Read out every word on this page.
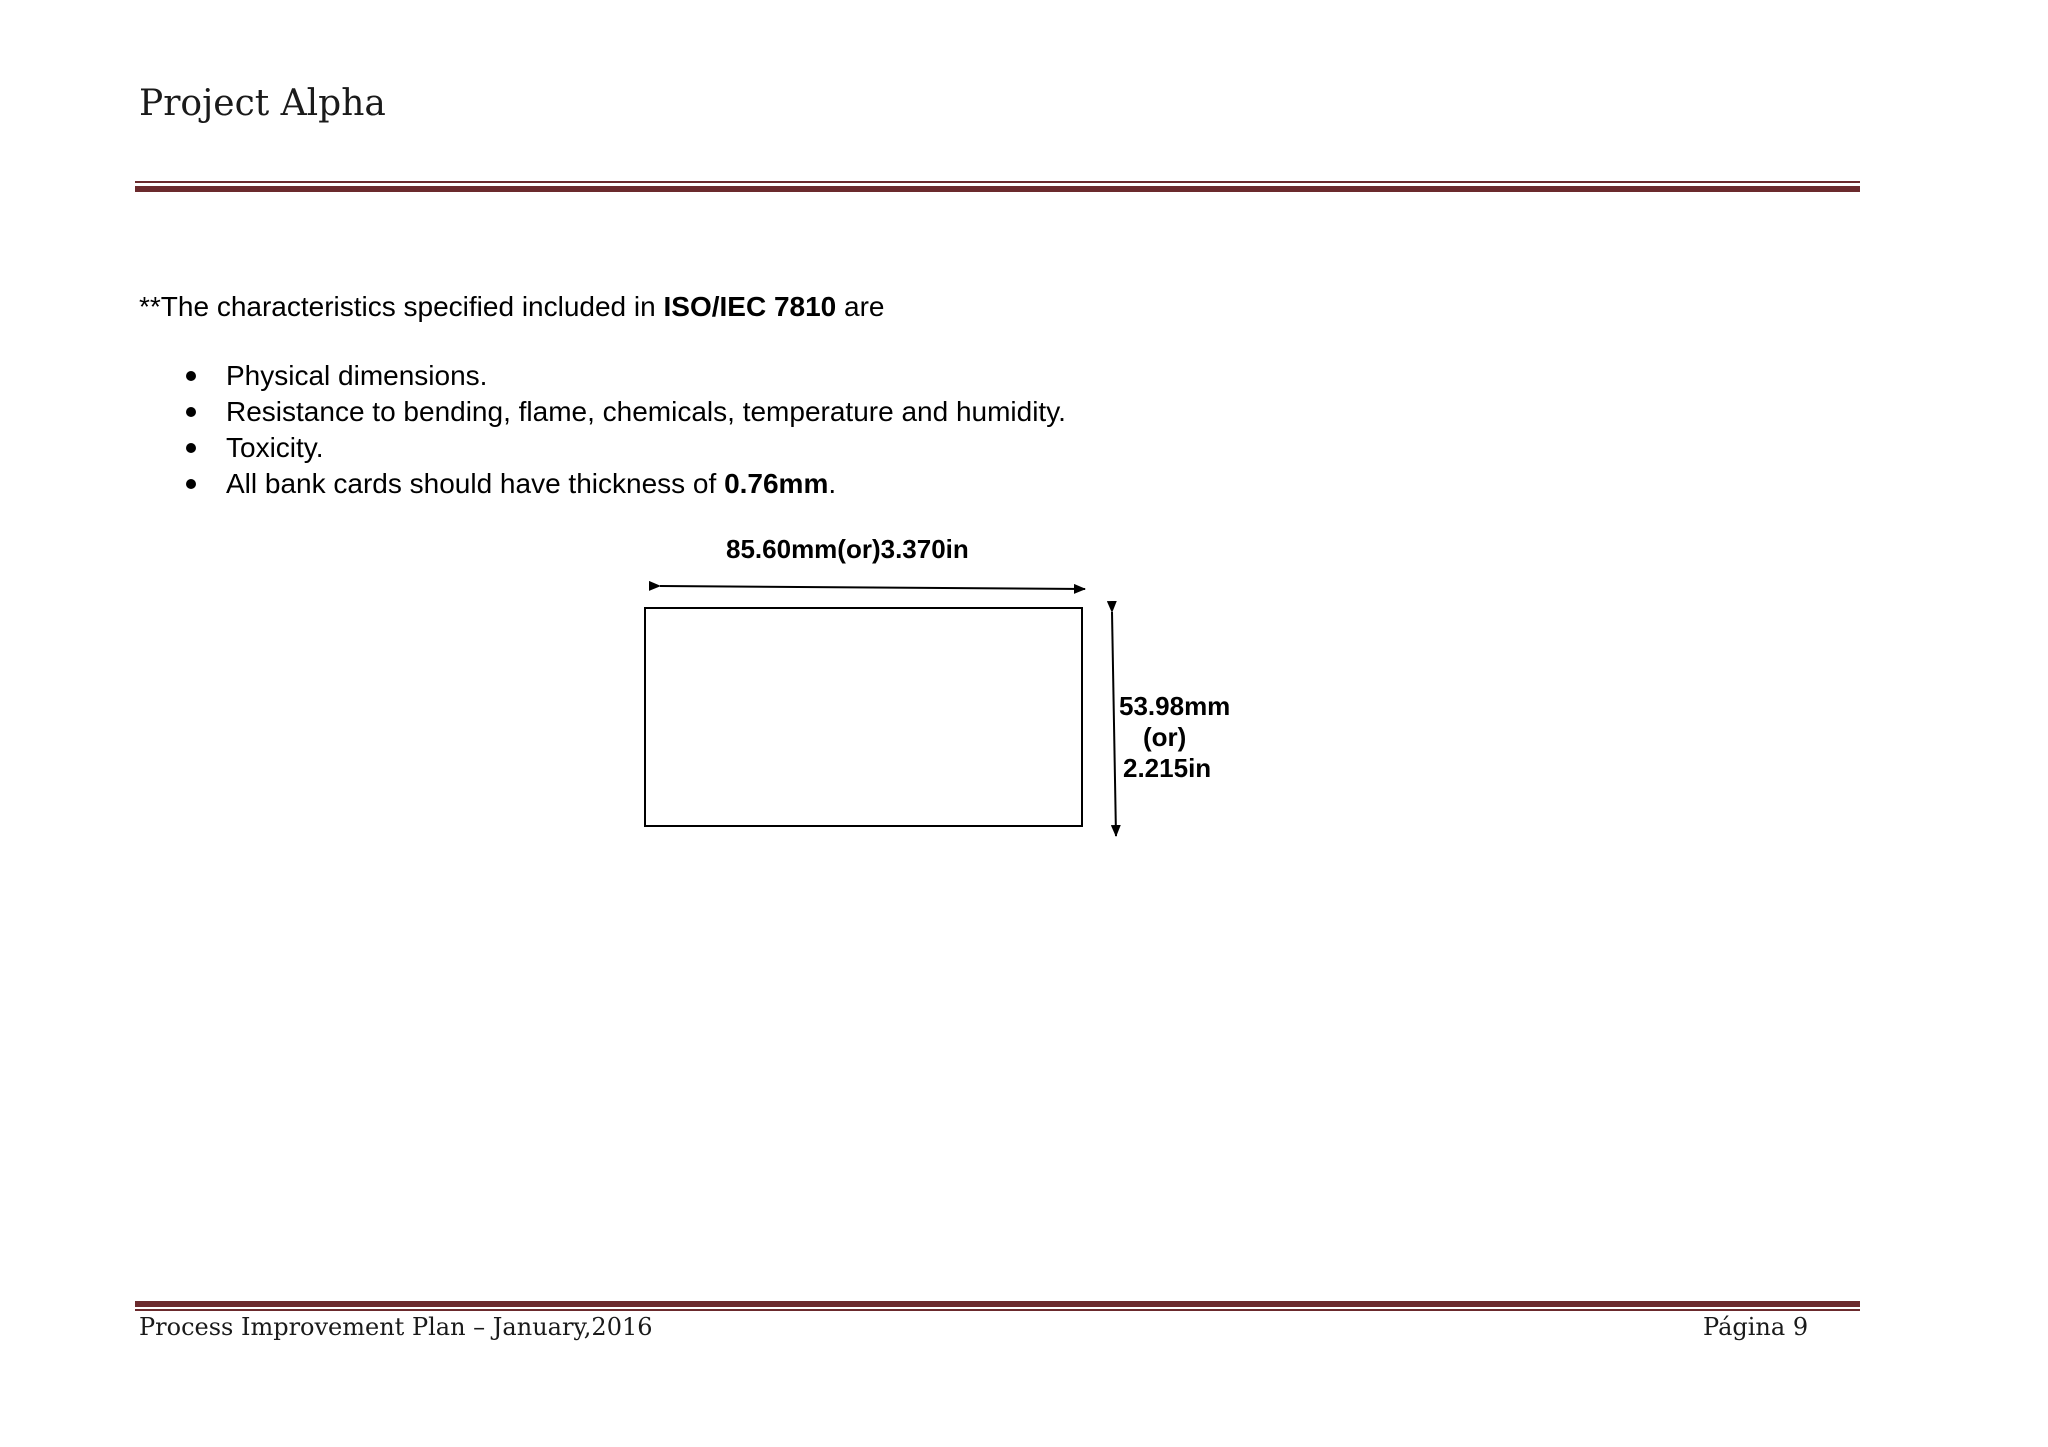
Project Alpha
**The characteristics specified included in ISO/IEC 7810 are
Physical dimensions.
Resistance to bending, flame, chemicals, temperature and humidity.
Toxicity.
All bank cards should have thickness of 0.76mm.
85.60mm(or)3.370in
53.98mm
(or)
2.215in
Process Improvement Plan – January,2016	Página 9
